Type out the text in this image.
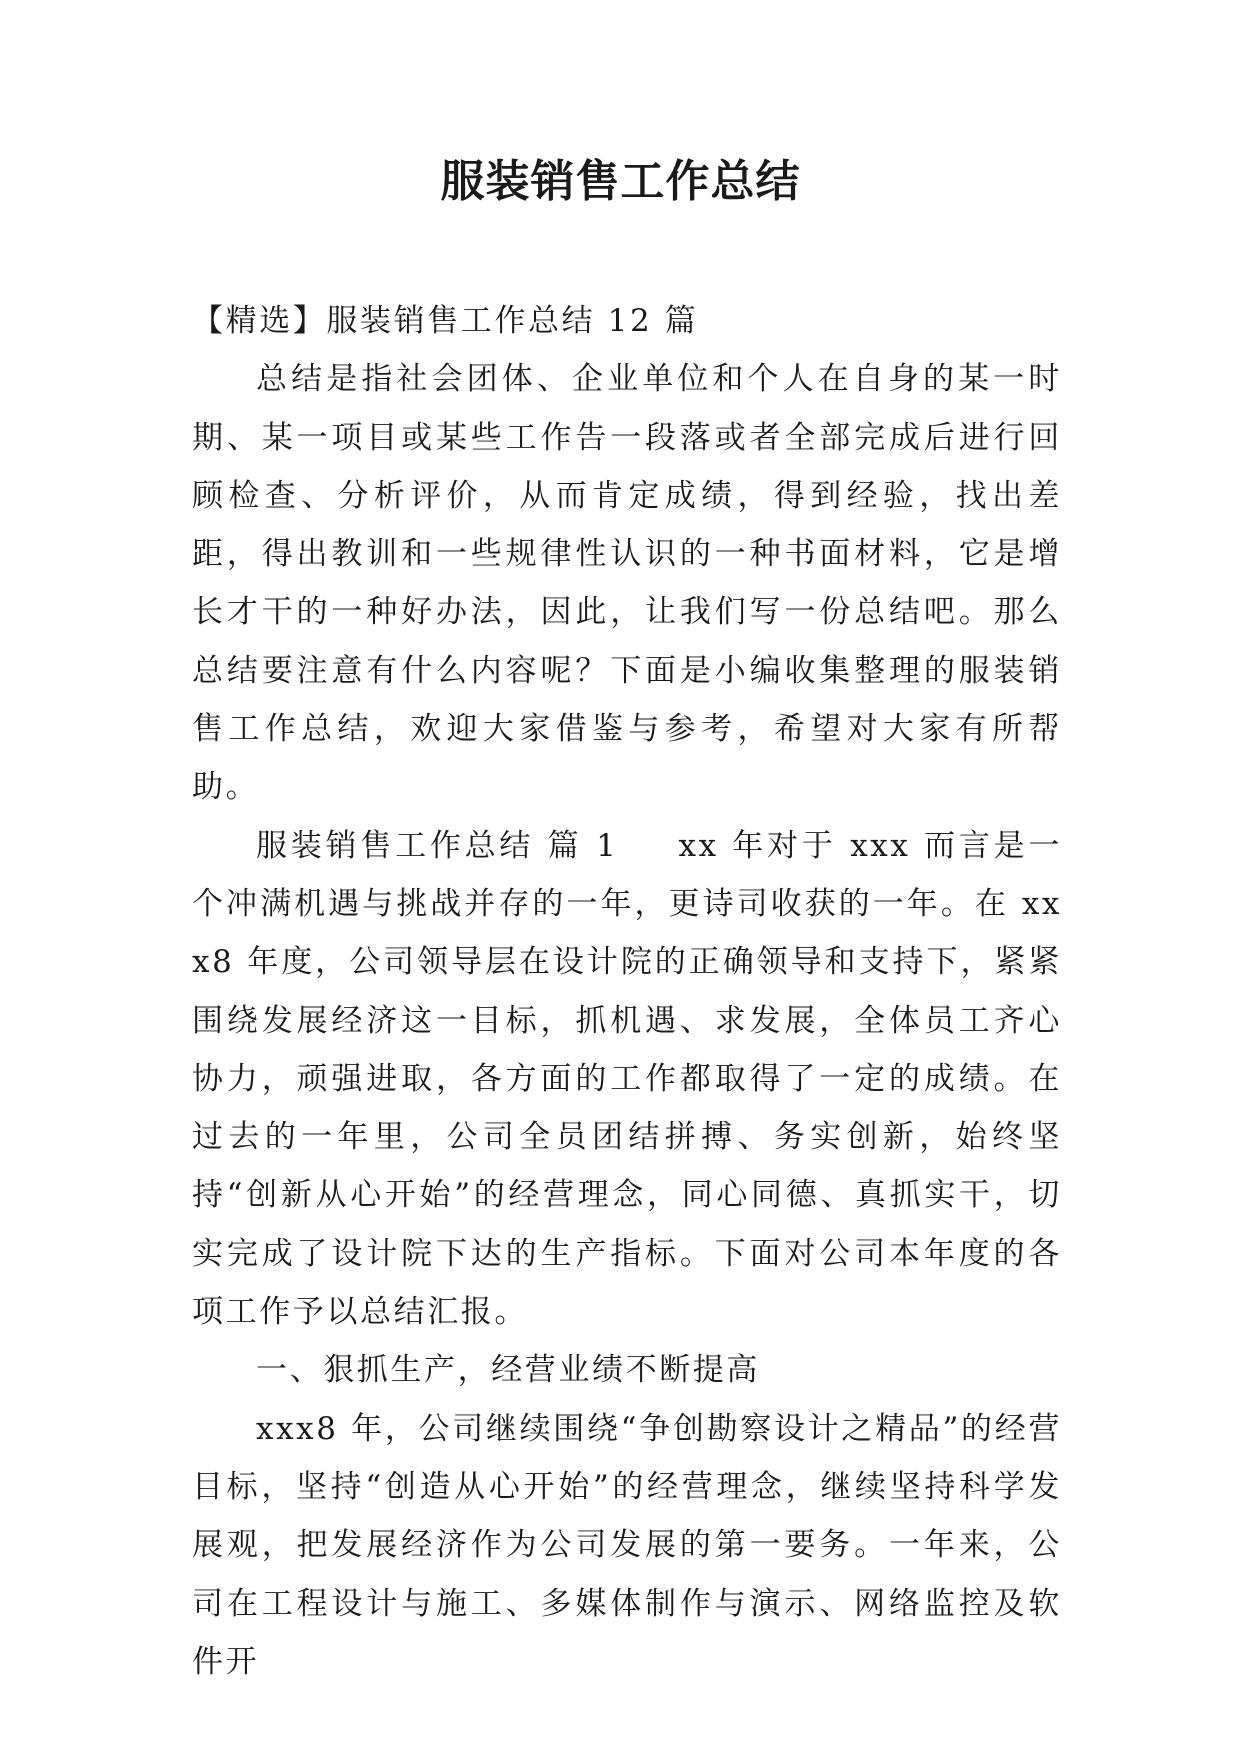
服装销售工作总结

【精选】服装销售工作总结 12 篇

总结是指社会团体、企业单位和个人在自身的某一时期、某一项目或某些工作告一段落或者全部完成后进行回顾检查、分析评价，从而肯定成绩，得到经验，找出差距，得出教训和一些规律性认识的一种书面材料，它是增长才干的一种好办法，因此，让我们写一份总结吧。那么总结要注意有什么内容呢？下面是小编收集整理的服装销售工作总结，欢迎大家借鉴与参考，希望对大家有所帮助。

服装销售工作总结 篇 1 xx 年对于 xxx 而言是一个冲满机遇与挑战并存的一年，更诗司收获的一年。在 xxx8 年度，公司领导层在设计院的正确领导和支持下，紧紧围绕发展经济这一目标，抓机遇、求发展，全体员工齐心协力，顽强进取，各方面的工作都取得了一定的成绩。在过去的一年里，公司全员团结拼搏、务实创新，始终坚持“创新从心开始”的经营理念，同心同德、真抓实干，切实完成了设计院下达的生产指标。下面对公司本年度的各项工作予以总结汇报。

一、狠抓生产，经营业绩不断提高

xxx8 年，公司继续围绕“争创勘察设计之精品”的经营目标，坚持“创造从心开始”的经营理念，继续坚持科学发展观，把发展经济作为公司发展的第一要务。一年来，公司在工程设计与施工、多媒体制作与演示、网络监控及软件开
